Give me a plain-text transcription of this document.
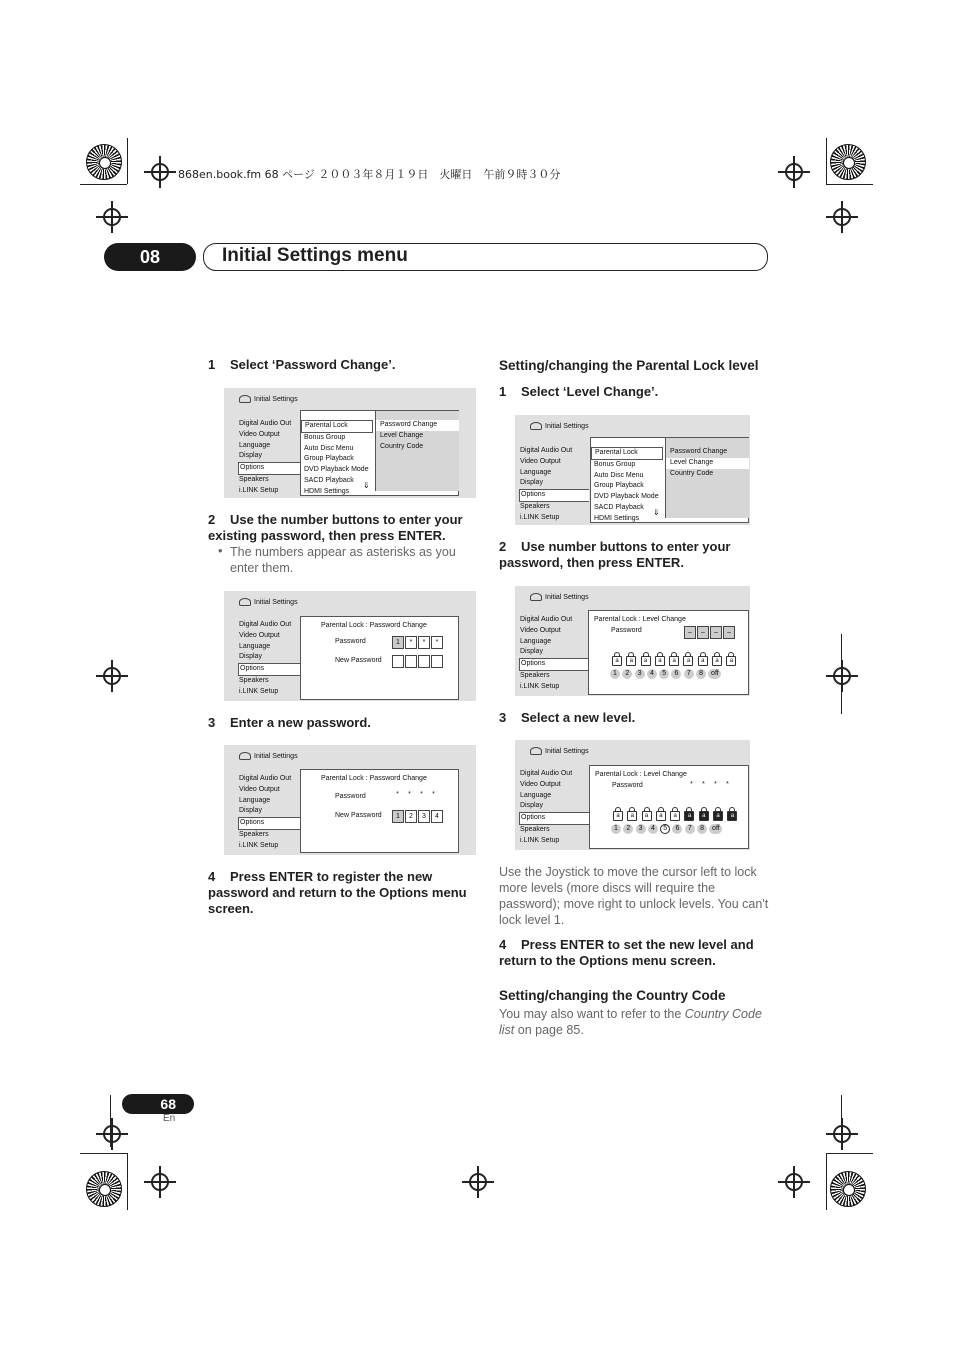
868en.book.fm 68 ページ ２００３年８月１９日　火曜日　午前９時３０分
08	Initial Settings menu
1 Select ‘Password Change’.
Initial Settings
Digital Audio Out
Video Output
Language
Display
Options
Speakers
i.LINK Setup
Parental Lock
Bonus Group
Auto Disc Menu
Group Playback
DVD Playback Mode
SACD Playback
HDMI Settings
⇓
Password Change
Level Change
Country Code
2 Use the number buttons to enter your existing password, then press ENTER.
• The numbers appear as asterisks as you enter them.
Initial Settings
Digital Audio Out
Video Output
Language
Display
Options
Speakers
i.LINK Setup
Parental Lock : Password Change
Password	1	*	*	*
New Password
3 Enter a new password.
Initial Settings
Digital Audio Out
Video Output
Language
Display
Options
Speakers
i.LINK Setup
Parental Lock : Password Change
Password	*	*	*	*
New Password	1	2	3	4
4 Press ENTER to register the new password and return to the Options menu screen.
Setting/changing the Parental Lock level
1 Select ‘Level Change’.
Initial Settings
Digital Audio Out
Video Output
Language
Display
Options
Speakers
i.LINK Setup
Parental Lock
Bonus Group
Auto Disc Menu
Group Playback
DVD Playback Mode
SACD Playback
HDMI Settings
⇓
Password Change
Level Change
Country Code
2 Use number buttons to enter your password, then press ENTER.
Initial Settings
Digital Audio Out
Video Output
Language
Display
Options
Speakers
i.LINK Setup
Parental Lock : Level Change
Password	–	–	–	–
a	a	a	a	a	a	a	a	a
1	2	3	4	5	6	7	8	off
3 Select a new level.
Initial Settings
Digital Audio Out
Video Output
Language
Display
Options
Speakers
i.LINK Setup
Parental Lock : Level Change
Password	*	*	*	*
a	a	a	a	a	a	a	a	a
1	2	3	4	5	6	7	8	off
Use the Joystick to move the cursor left to lock more levels (more discs will require the password); move right to unlock levels. You can't lock level 1.
4 Press ENTER to set the new level and return to the Options menu screen.
Setting/changing the Country Code
You may also want to refer to the Country Code list on page 85.
68
En
